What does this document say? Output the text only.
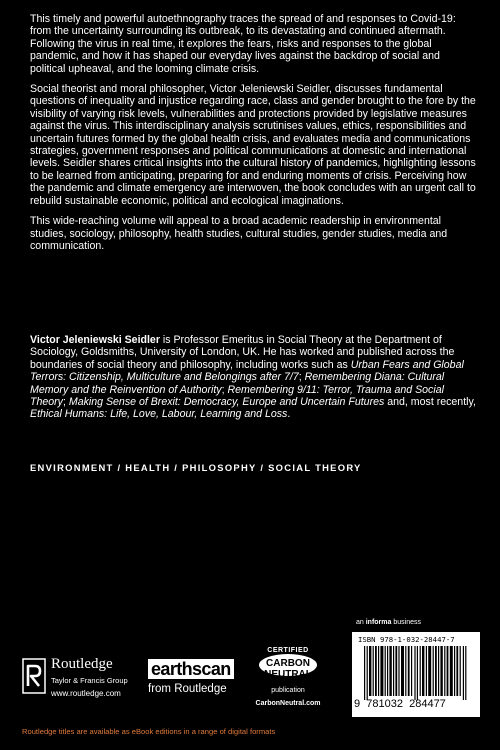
This timely and powerful autoethnography traces the spread of and responses to Covid-19: from the uncertainty surrounding its outbreak, to its devastating and continued aftermath. Following the virus in real time, it explores the fears, risks and responses to the global pandemic, and how it has shaped our everyday lives against the backdrop of social and political upheaval, and the looming climate crisis.

Social theorist and moral philosopher, Victor Jeleniewski Seidler, discusses fundamental questions of inequality and injustice regarding race, class and gender brought to the fore by the visibility of varying risk levels, vulnerabilities and protections provided by legislative measures against the virus. This interdisciplinary analysis scrutinises values, ethics, responsibilities and uncertain futures formed by the global health crisis, and evaluates media and communications strategies, government responses and political communications at domestic and international levels. Seidler shares critical insights into the cultural history of pandemics, highlighting lessons to be learned from anticipating, preparing for and enduring moments of crisis. Perceiving how the pandemic and climate emergency are interwoven, the book concludes with an urgent call to rebuild sustainable economic, political and ecological imaginations.

This wide-reaching volume will appeal to a broad academic readership in environmental studies, sociology, philosophy, health studies, cultural studies, gender studies, media and communication.

Victor Jeleniewski Seidler is Professor Emeritus in Social Theory at the Department of Sociology, Goldsmiths, University of London, UK. He has worked and published across the boundaries of social theory and philosophy, including works such as Urban Fears and Global Terrors: Citizenship, Multiculture and Belongings after 7/7; Remembering Diana: Cultural Memory and the Reinvention of Authority; Remembering 9/11: Terror, Trauma and Social Theory; Making Sense of Brexit: Democracy, Europe and Uncertain Futures and, most recently, Ethical Humans: Life, Love, Labour, Learning and Loss.
ENVIRONMENT / HEALTH / PHILOSOPHY / SOCIAL THEORY
an informa business
Routledge
Taylor & Francis Group
www.routledge.com
earthscan
from Routledge
CERTIFIED
CARBON
NEUTRAL
publication
CarbonNeutral.com
ISBN 978-1-032-28447-7
9 781032 284477
Routledge titles are available as eBook editions in a range of digital formats
